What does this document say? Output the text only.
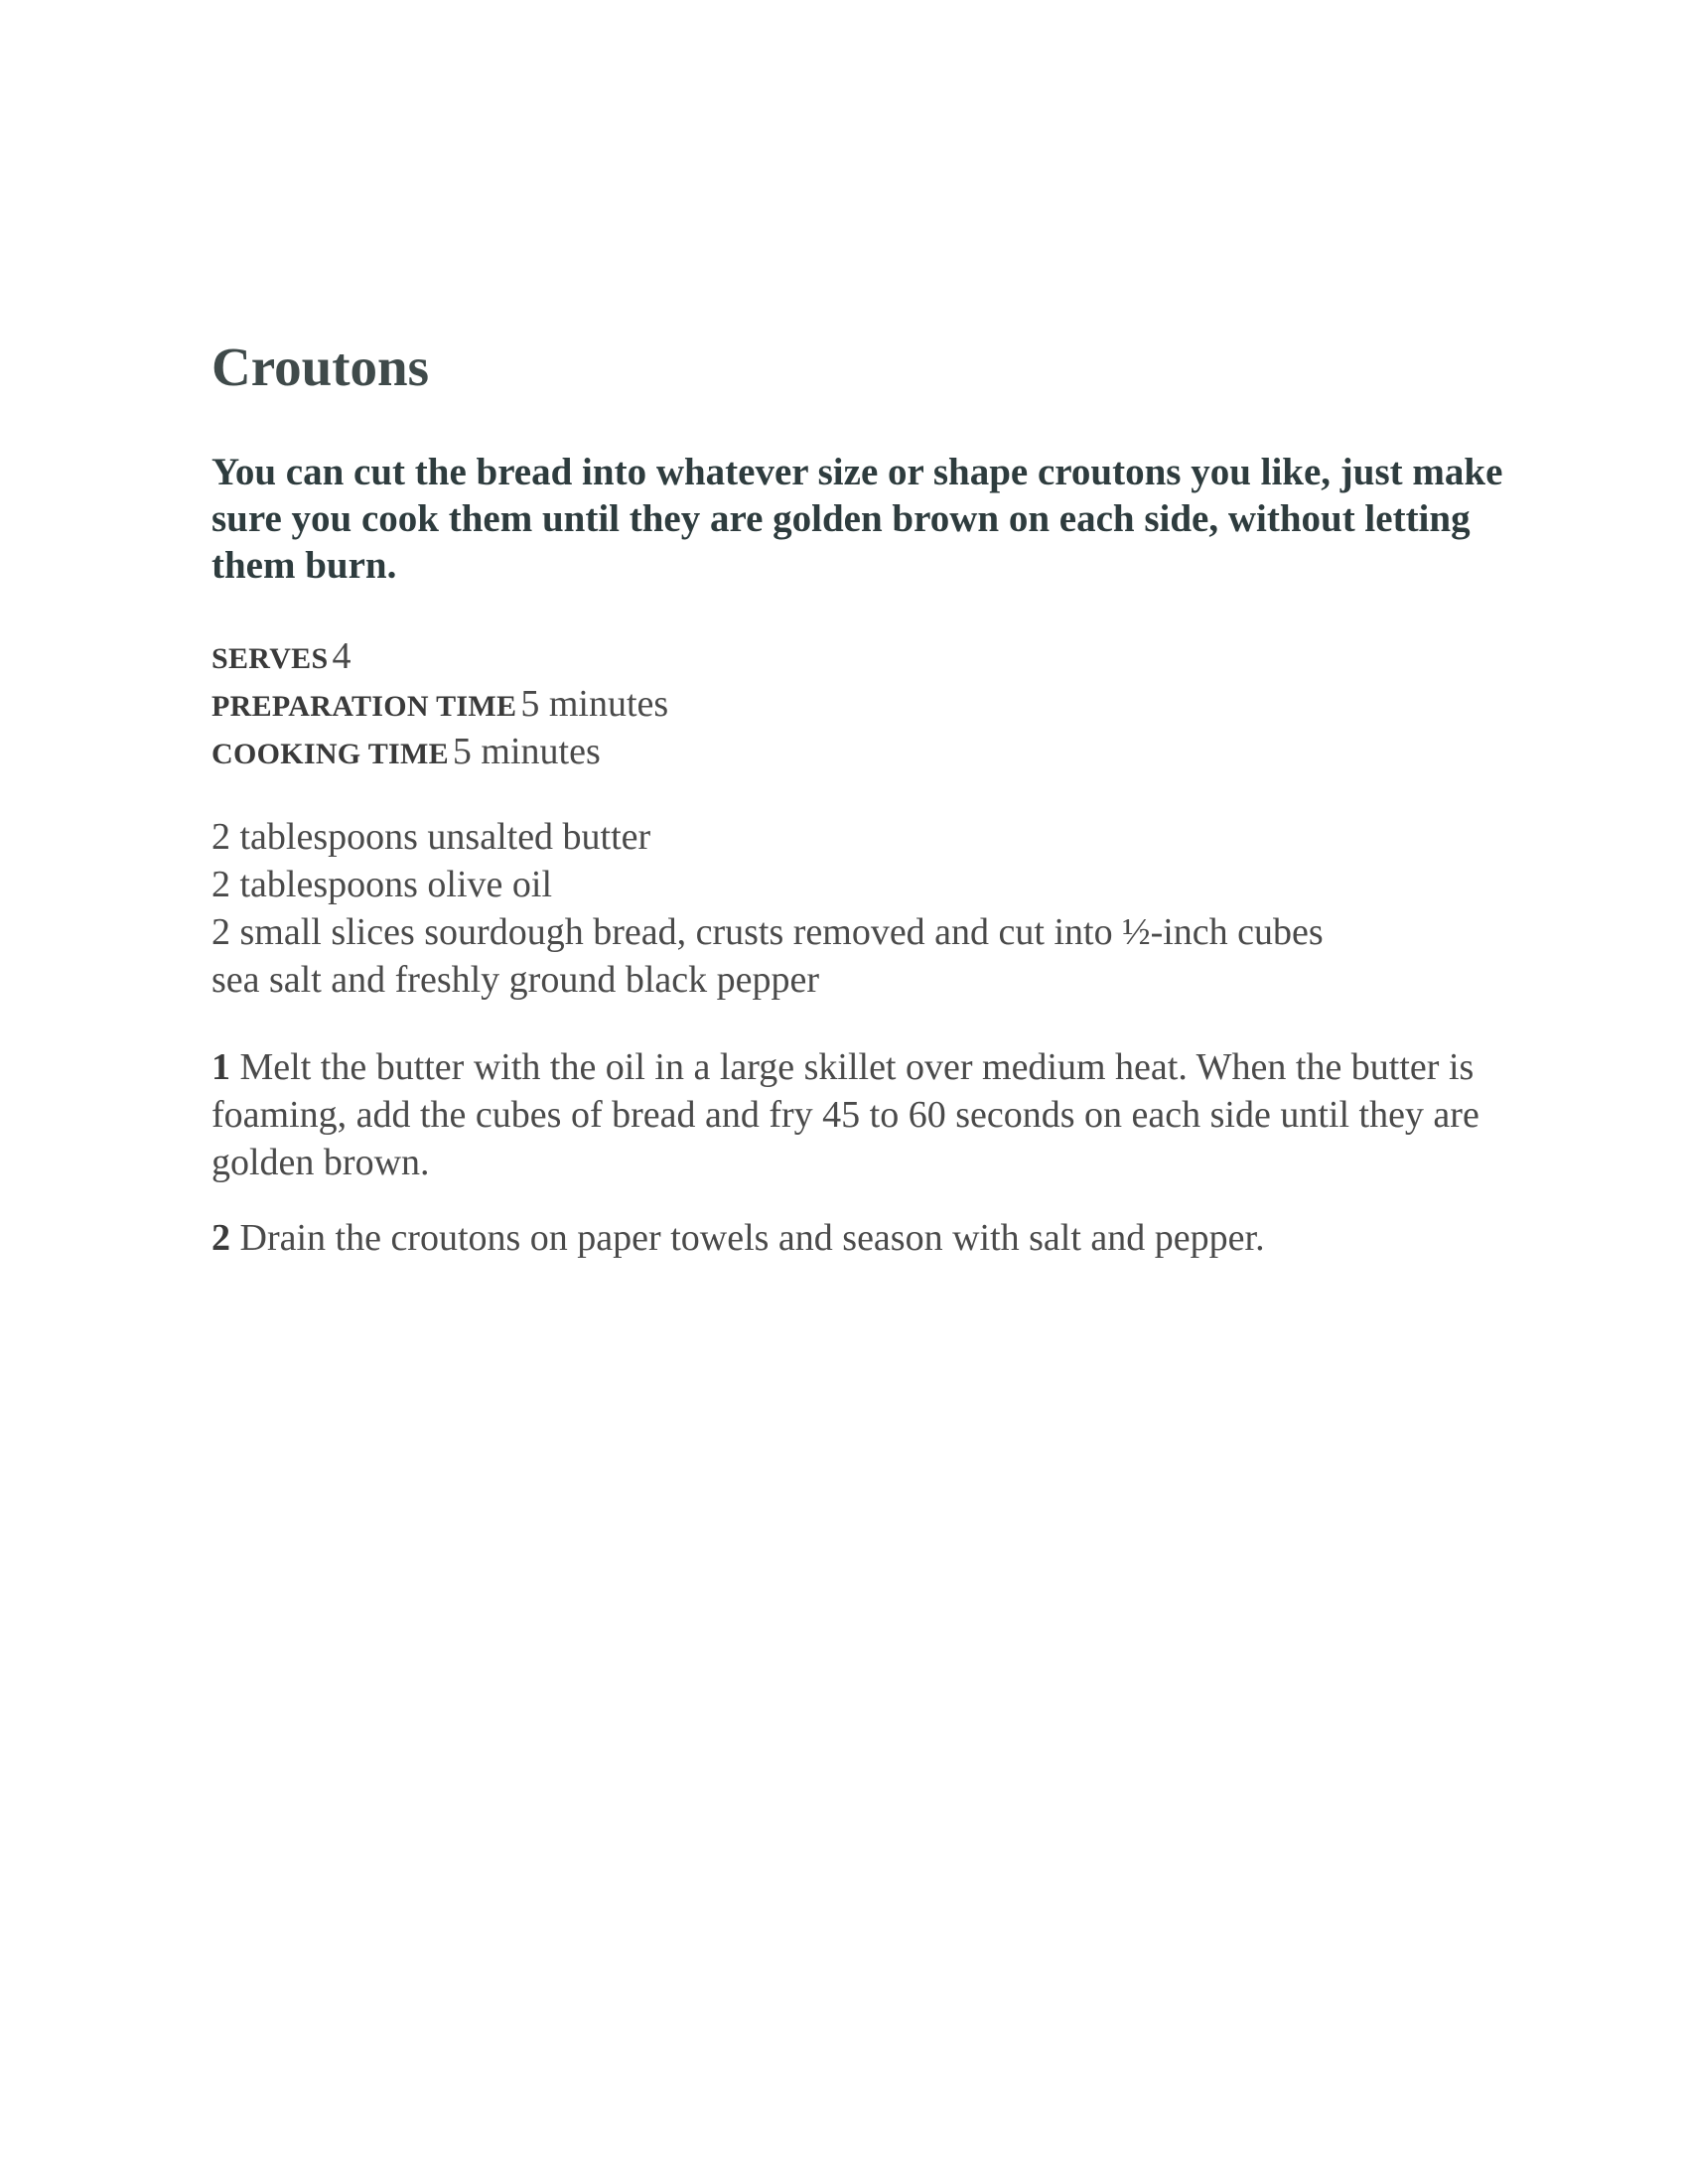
Croutons

You can cut the bread into whatever size or shape croutons you like, just make sure you cook them until they are golden brown on each side, without letting them burn.

SERVES 4
PREPARATION TIME 5 minutes
COOKING TIME 5 minutes
2 tablespoons unsalted butter
2 tablespoons olive oil
2 small slices sourdough bread, crusts removed and cut into ½-inch cubes
sea salt and freshly ground black pepper

1 Melt the butter with the oil in a large skillet over medium heat. When the butter is foaming, add the cubes of bread and fry 45 to 60 seconds on each side until they are golden brown.

2 Drain the croutons on paper towels and season with salt and pepper.
